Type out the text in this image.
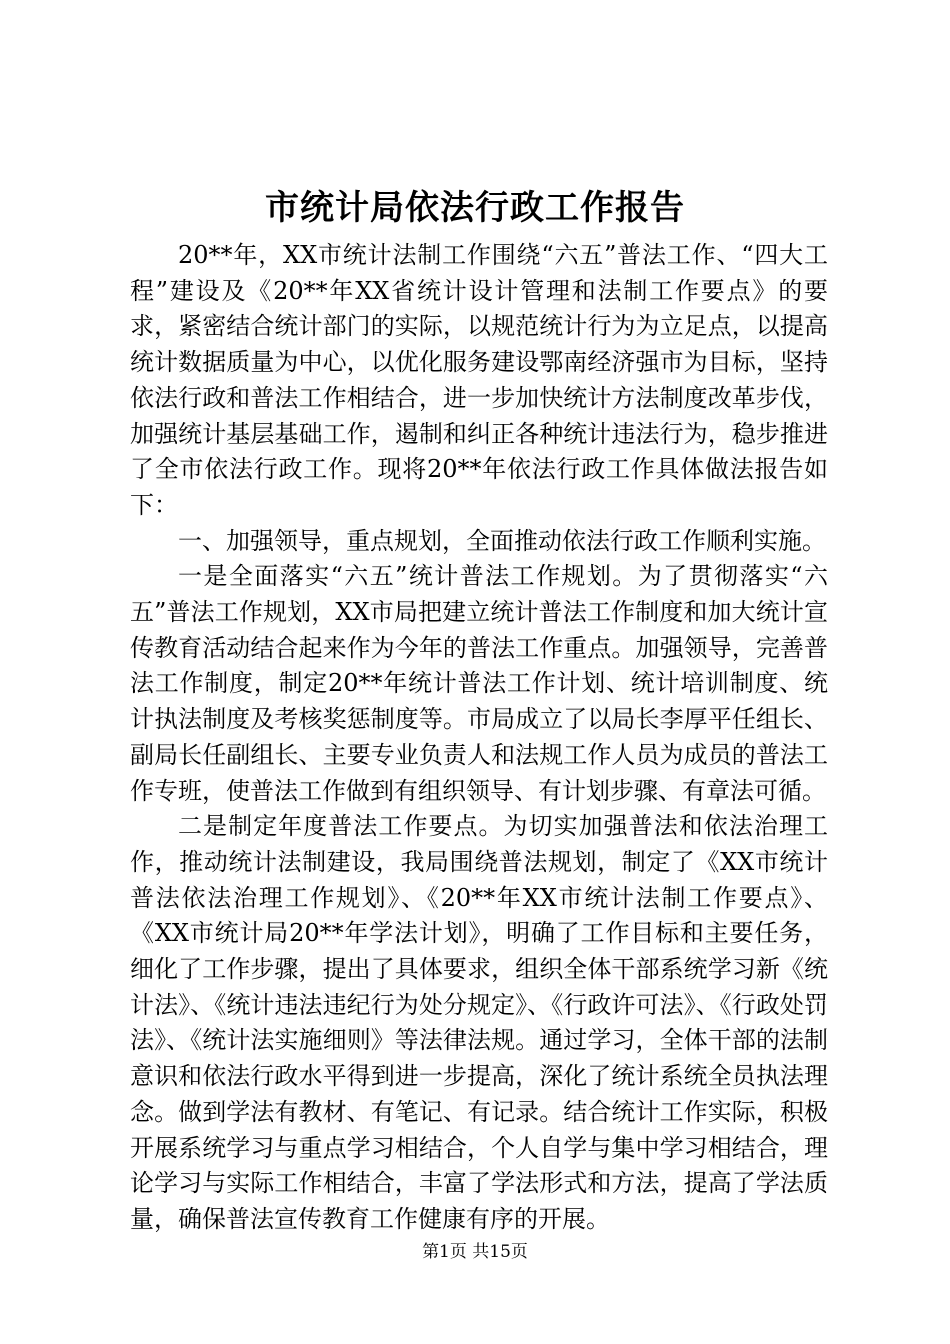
市统计局依法行政工作报告

20**年，XX市统计法制工作围绕“六五”普法工作、“四大工程”建设及《20**年XX省统计设计管理和法制工作要点》的要求，紧密结合统计部门的实际，以规范统计行为为立足点，以提高统计数据质量为中心，以优化服务建设鄂南经济强市为目标，坚持依法行政和普法工作相结合，进一步加快统计方法制度改革步伐，加强统计基层基础工作，遏制和纠正各种统计违法行为，稳步推进了全市依法行政工作。现将20**年依法行政工作具体做法报告如下：

一、加强领导，重点规划，全面推动依法行政工作顺利实施。

一是全面落实“六五”统计普法工作规划。为了贯彻落实“六五”普法工作规划，XX市局把建立统计普法工作制度和加大统计宣传教育活动结合起来作为今年的普法工作重点。加强领导，完善普法工作制度，制定20**年统计普法工作计划、统计培训制度、统计执法制度及考核奖惩制度等。市局成立了以局长李厚平任组长、副局长任副组长、主要专业负责人和法规工作人员为成员的普法工作专班，使普法工作做到有组织领导、有计划步骤、有章法可循。

二是制定年度普法工作要点。为切实加强普法和依法治理工作，推动统计法制建设，我局围绕普法规划，制定了《XX市统计普法依法治理工作规划》、《20**年XX市统计法制工作要点》、《XX市统计局20**年学法计划》，明确了工作目标和主要任务，细化了工作步骤，提出了具体要求，组织全体干部系统学习新《统计法》、《统计违法违纪行为处分规定》、《行政许可法》、《行政处罚法》、《统计法实施细则》等法律法规。通过学习，全体干部的法制意识和依法行政水平得到进一步提高，深化了统计系统全员执法理念。做到学法有教材、有笔记、有记录。结合统计工作实际，积极开展系统学习与重点学习相结合，个人自学与集中学习相结合，理论学习与实际工作相结合，丰富了学法形式和方法，提高了学法质量，确保普法宣传教育工作健康有序的开展。

第1页 共15页
